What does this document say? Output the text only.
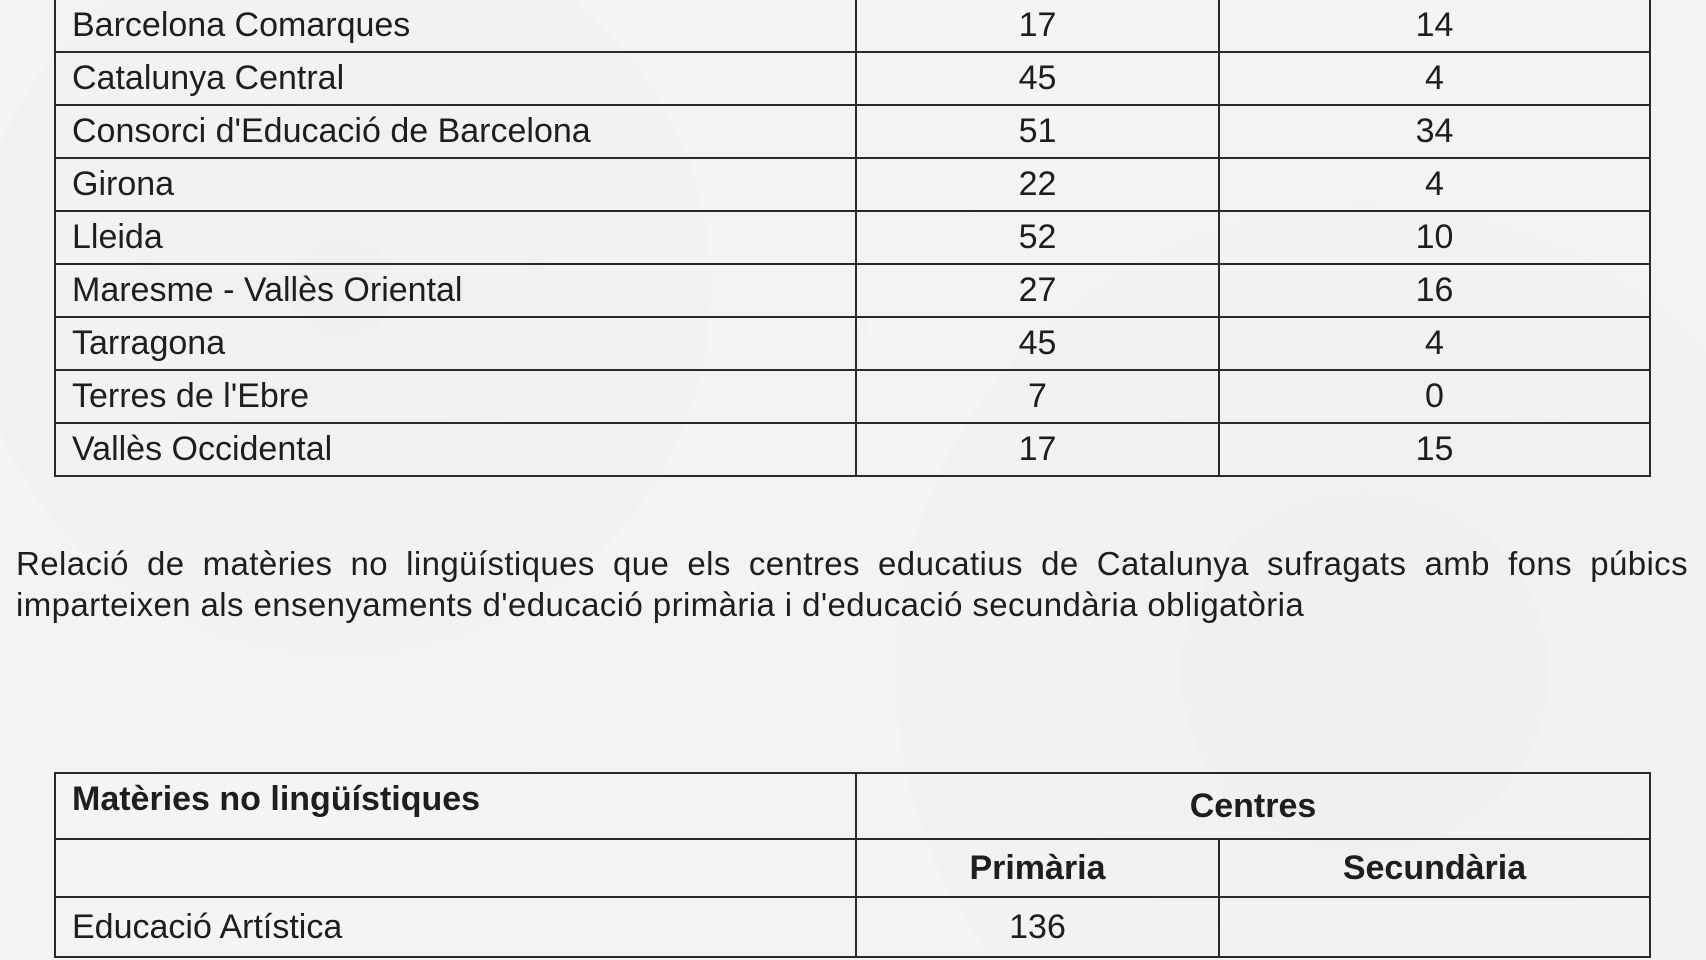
Barcelona Comarques	17	14
Catalunya Central	45	4
Consorci d'Educació de Barcelona	51	34
Girona	22	4
Lleida	52	10
Maresme - Vallès Oriental	27	16
Tarragona	45	4
Terres de l'Ebre	7	0
Vallès Occidental	17	15

Relació de matèries no lingüístiques que els centres educatius de Catalunya sufragats amb fons púbics imparteixen als ensenyaments d'educació primària i d'educació secundària obligatòria

Matèries no lingüístiques	Centres	
	Primària	Secundària
Educació Artística	136	
